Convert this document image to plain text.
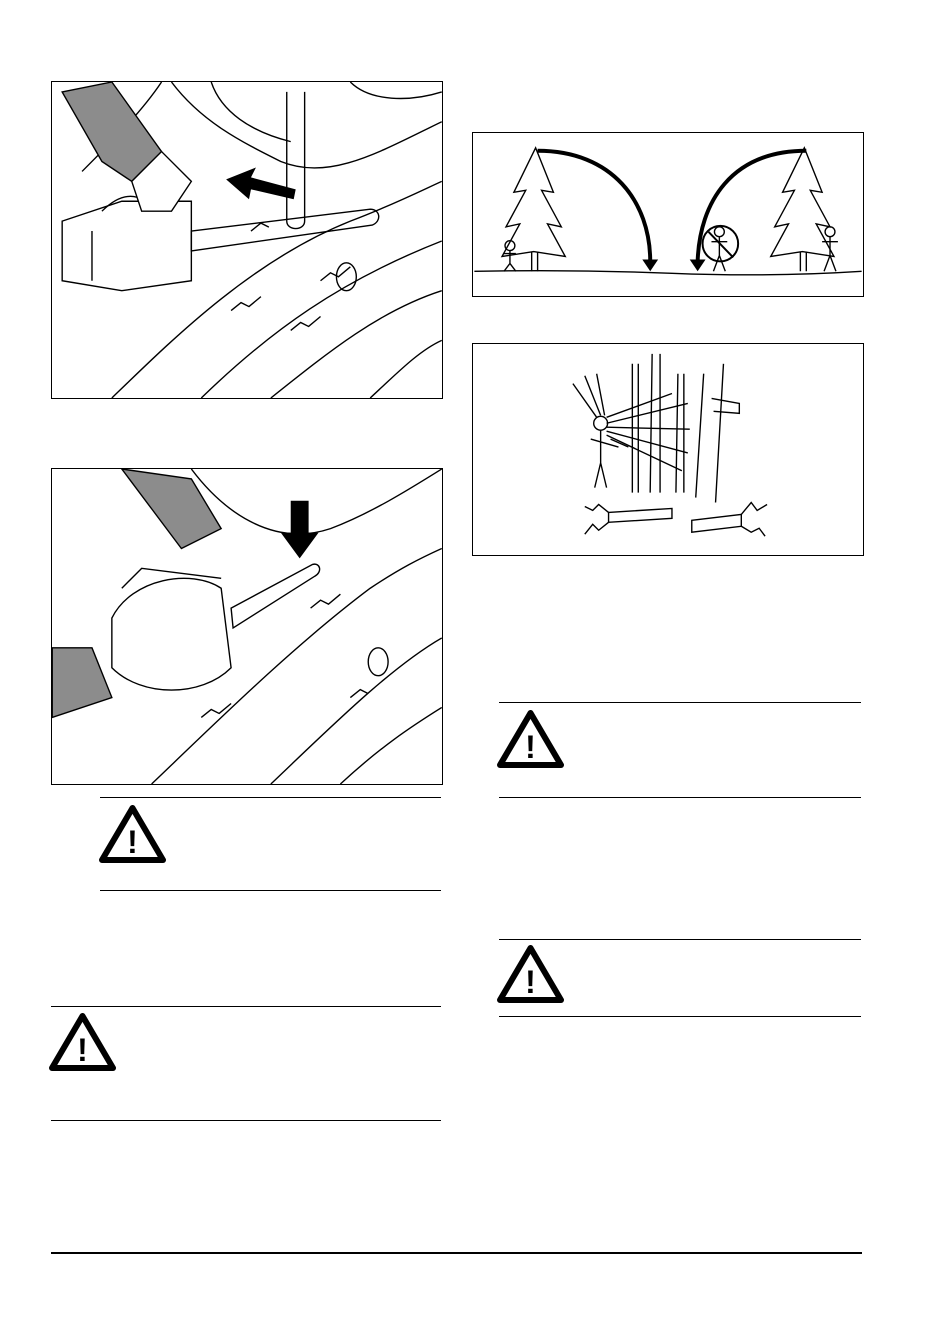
!
!
!
!
